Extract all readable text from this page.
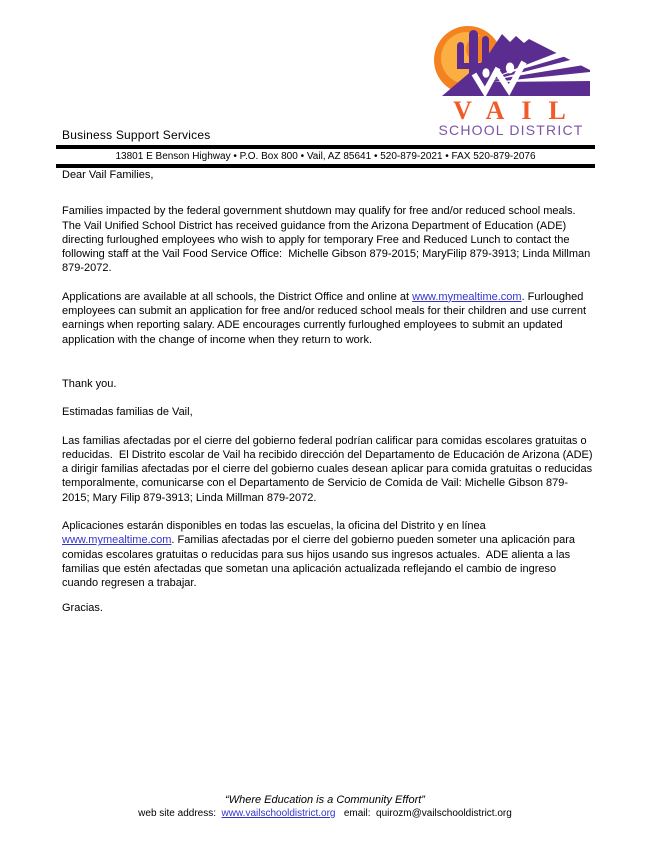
VAIL
SCHOOL DISTRICT
Business Support Services
13801 E Benson Highway • P.O. Box 800 • Vail, AZ 85641 • 520-879-2021 • FAX 520-879-2076

Dear Vail Families,

Families impacted by the federal government shutdown may qualify for free and/or reduced school meals.  The Vail Unified School District has received guidance from the Arizona Department of Education (ADE) directing furloughed employees who wish to apply for temporary Free and Reduced Lunch to contact the following staff at the Vail Food Service Office:  Michelle Gibson 879-2015; MaryFilip 879-3913; Linda Millman 879-2072.

Applications are available at all schools, the District Office and online at www.mymealtime.com. Furloughed employees can submit an application for free and/or reduced school meals for their children and use current earnings when reporting salary. ADE encourages currently furloughed employees to submit an updated application with the change of income when they return to work.

Thank you.

Estimadas familias de Vail,

Las familias afectadas por el cierre del gobierno federal podrían calificar para comidas escolares gratuitas o reducidas.  El Distrito escolar de Vail ha recibido dirección del Departamento de Educación de Arizona (ADE) a dirigir familias afectadas por el cierre del gobierno cuales desean aplicar para comida gratuitas o reducidas temporalmente, comunicarse con el Departamento de Servicio de Comida de Vail: Michelle Gibson 879-2015; Mary Filip 879-3913; Linda Millman 879-2072.

Aplicaciones estarán disponibles en todas las escuelas, la oficina del Distrito y en línea www.mymealtime.com. Familias afectadas por el cierre del gobierno pueden someter una aplicación para comidas escolares gratuitas o reducidas para sus hijos usando sus ingresos actuales.  ADE alienta a las familias que estén afectadas que sometan una aplicación actualizada reflejando el cambio de ingreso cuando regresen a trabajar.

Gracias.

“Where Education is a Community Effort”
web site address:  www.vailschooldistrict.org   email:  quirozm@vailschooldistrict.org
